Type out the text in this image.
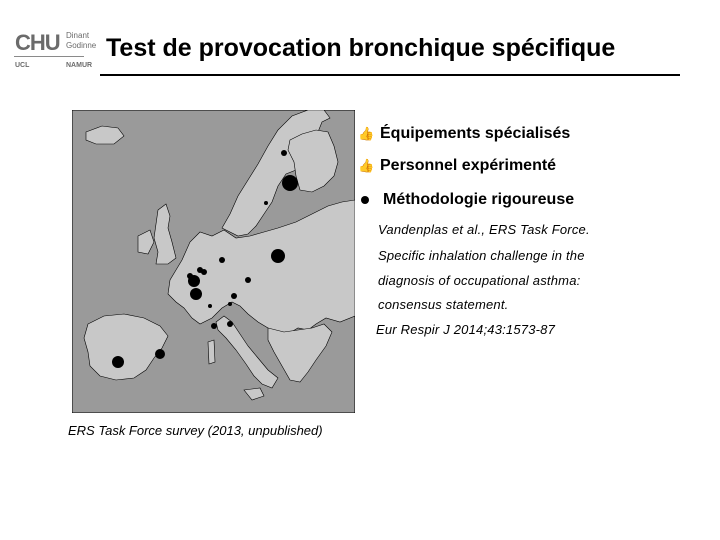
CHU Dinant
Godinne
UCL	NAMUR
Test de provocation bronchique spécifique
ERS Task Force survey (2013, unpublished)
👍 Équipements spécialisés
👍 Personnel expérimenté
Méthodologie rigoureuse
Vandenplas et al., ERS Task Force.
Specific inhalation challenge in the
diagnosis of occupational asthma:
consensus statement.
Eur Respir J 2014;43:1573-87
